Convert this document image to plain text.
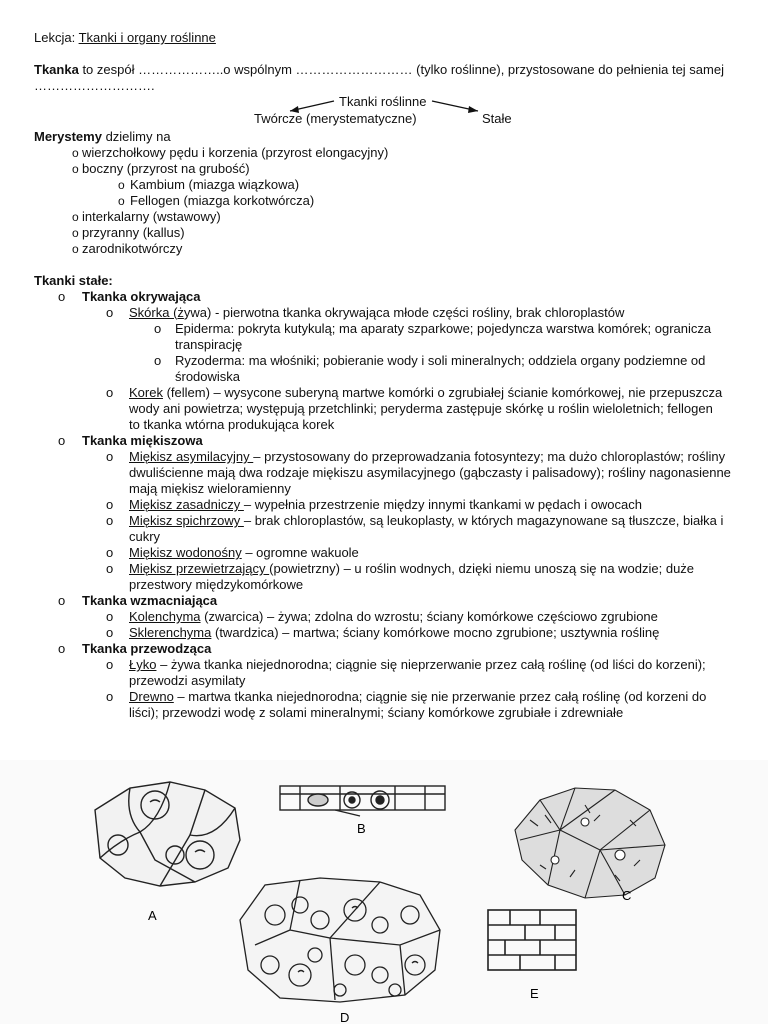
Lekcja: Tkanki i organy roślinne
Tkanka to zespół ………………..o wspólnym ……………………… (tylko roślinne), przystosowane do pełnienia tej samej
……………………….
Tkanki roślinne
Twórcze (merystematyczne)	Stałe
Merystemy dzielimy na
o wierzchołkowy pędu i korzenia (przyrost elongacyjny)
o boczny (przyrost na grubość)
o Kambium (miazga wiązkowa)
o Fellogen (miazga korkotwórcza)
o interkalarny (wstawowy)
o przyranny (kallus)
o zarodnikotwórczy
Tkanki stałe:
o Tkanka okrywająca
o Skórka (żywa) - pierwotna tkanka okrywająca młode części rośliny, brak chloroplastów
o Epiderma: pokryta kutykulą; ma aparaty szparkowe; pojedyncza warstwa komórek; ogranicza
transpirację
o Ryzoderma: ma włośniki; pobieranie wody i soli mineralnych; oddziela organy podziemne od
środowiska
o Korek (fellem) – wysycone suberyną martwe komórki o zgrubiałej ścianie komórkowej, nie przepuszcza
wody ani powietrza; występują przetchlinki; peryderma zastępuje skórkę u roślin wieloletnich; fellogen
to tkanka wtórna produkująca korek
o Tkanka miękiszowa
o Miękisz asymilacyjny – przystosowany do przeprowadzania fotosyntezy; ma dużo chloroplastów; rośliny
dwuliścienne mają dwa rodzaje miękiszu asymilacyjnego (gąbczasty i palisadowy); rośliny nagonasienne
mają miękisz wieloramienny
o Miękisz zasadniczy – wypełnia przestrzenie między innymi tkankami w pędach i owocach
o Miękisz spichrzowy – brak chloroplastów, są leukoplasty, w których magazynowane są tłuszcze, białka i
cukry
o Miękisz wodonośny – ogromne wakuole
o Miękisz przewietrzający (powietrzny) – u roślin wodnych, dzięki niemu unoszą się na wodzie; duże
przestwory międzykomórkowe
o Tkanka wzmacniająca
o Kolenchyma (zwarcica) – żywa; zdolna do wzrostu; ściany komórkowe częściowo zgrubione
o Sklerenchyma (twardzica) – martwa; ściany komórkowe mocno zgrubione; usztywnia roślinę
o Tkanka przewodząca
o Łyko – żywa tkanka niejednorodna; ciągnie się nieprzerwanie przez całą roślinę (od liści do korzeni);
przewodzi asymilaty
o Drewno – martwa tkanka niejednorodna; ciągnie się nie przerwanie przez całą roślinę (od korzeni do
liści); przewodzi wodę z solami mineralnymi; ściany komórkowe zgrubiałe i zdrewniałe
A
B
C
D
E
